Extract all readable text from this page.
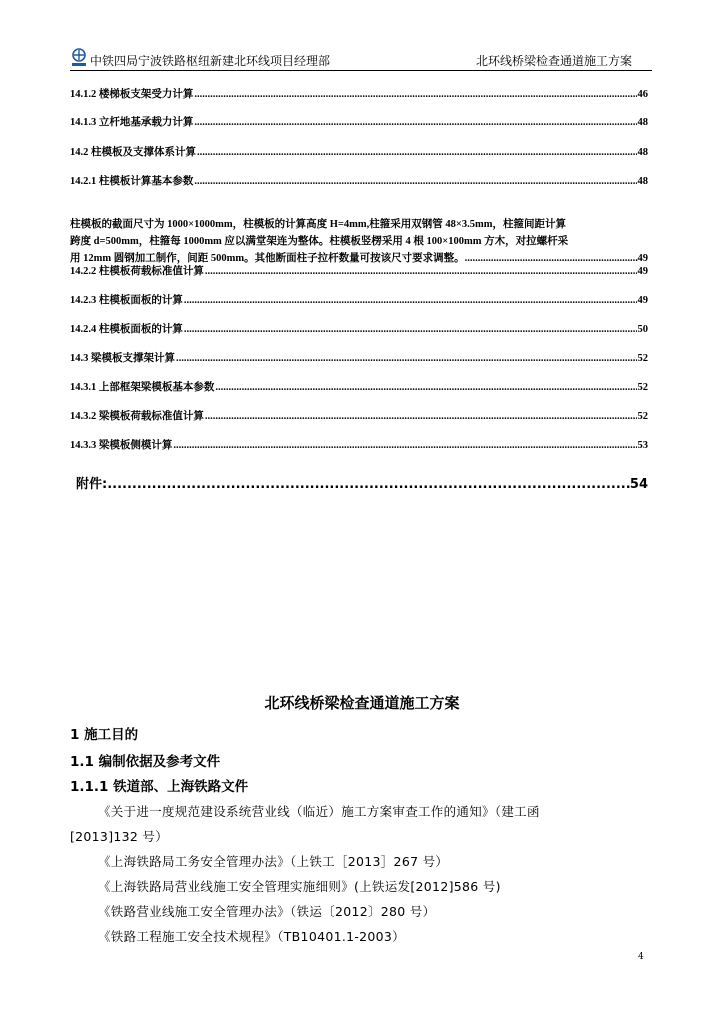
中铁四局宁波铁路枢纽新建北环线项目经理部	北环线桥梁检查通道施工方案
14.1.2 楼梯板支架受力计算 .....	46
14.1.3 立杆地基承载力计算 .....	48
14.2 柱模板及支撑体系计算 .....	48
14.2.1 柱模板计算基本参数 .....	48
柱模板的截面尺寸为 1000×1000mm，柱模板的计算高度 H=4mm,柱箍采用双钢管 48×3.5mm，柱箍间距计算
跨度 d=500mm，柱箍每 1000mm 应以满堂架连为整体。柱模板竖楞采用 4 根 100×100mm 方木，对拉螺杆采
用 12mm 圆钢加工制作，间距 500mm。其他断面柱子拉杆数量可按该尺寸要求调整。 .....	49
14.2.2 柱模板荷载标准值计算 .....	49
14.2.3 柱模板面板的计算 .....	49
14.2.4 柱模板面板的计算 .....	50
14.3 梁模板支撑架计算 .....	52
14.3.1 上部框架梁模板基本参数 .....	52
14.3.2 梁模板荷载标准值计算 .....	52
14.3.3 梁模板侧模计算 .....	53
附件: .....	54
北环线桥梁检查通道施工方案
1 施工目的
1.1 编制依据及参考文件
1.1.1 铁道部、上海铁路文件
《关于进一度规范建设系统营业线（临近）施工方案审查工作的通知》（建工函
[2013]132 号）
《上海铁路局工务安全管理办法》（上铁工［2013］267 号）
《上海铁路局营业线施工安全管理实施细则》(上铁运发[2012]586 号)
《铁路营业线施工安全管理办法》（铁运〔2012〕280 号）
《铁路工程施工安全技术规程》（TB10401.1-2003）
4
